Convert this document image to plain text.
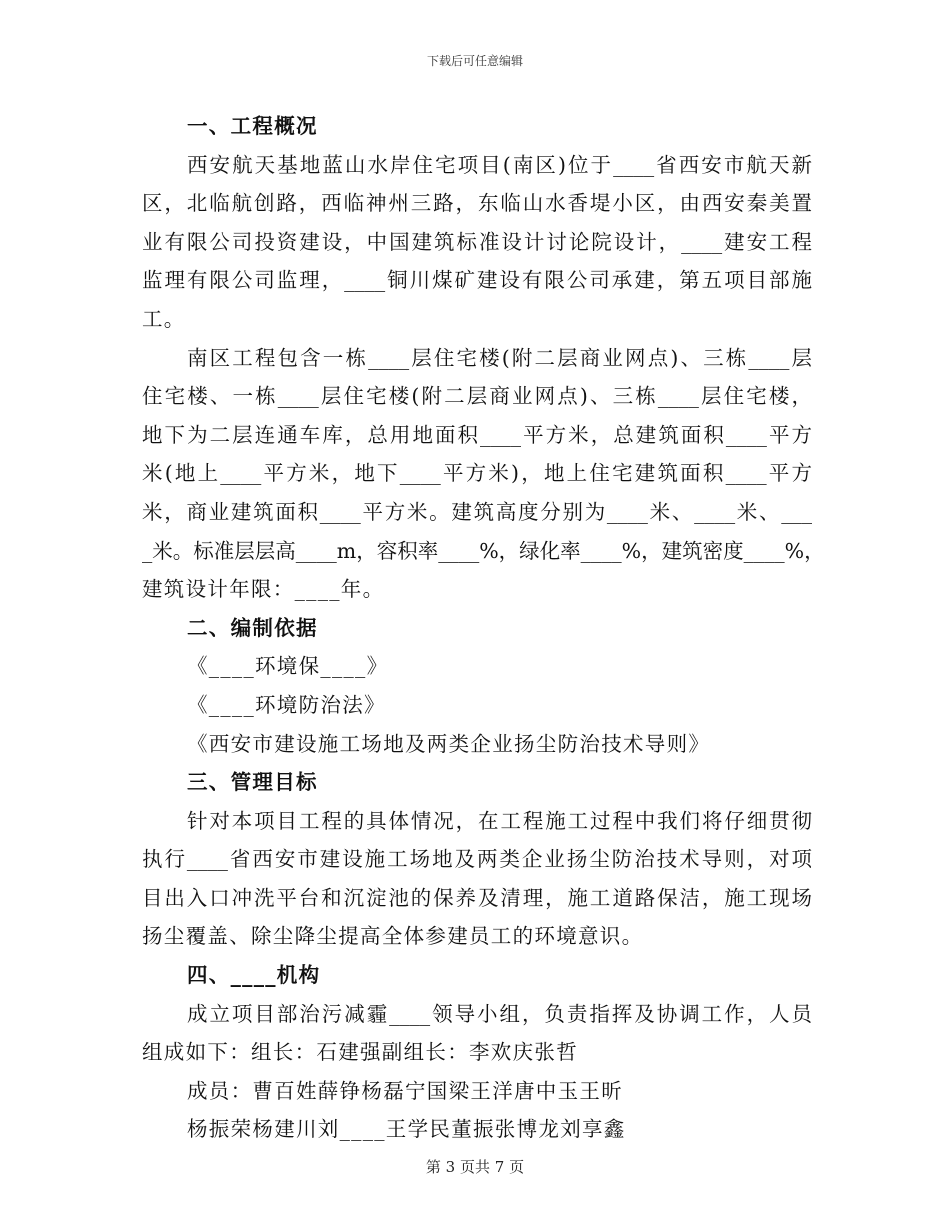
下载后可任意编辑
一、工程概况
西安航天基地蓝山水岸住宅项目(南区)位于____省西安市航天新
区，北临航创路，西临神州三路，东临山水香堤小区，由西安秦美置
业有限公司投资建设，中国建筑标准设计讨论院设计，____建安工程
监理有限公司监理，____铜川煤矿建设有限公司承建，第五项目部施
工。
南区工程包含一栋____层住宅楼(附二层商业网点)、三栋____层
住宅楼、一栋____层住宅楼(附二层商业网点)、三栋____层住宅楼，
地下为二层连通车库，总用地面积____平方米，总建筑面积____平方
米(地上____平方米，地下____平方米)，地上住宅建筑面积____平方
米，商业建筑面积____平方米。建筑高度分别为____米、____米、___
_米。标准层层高____m，容积率____%，绿化率____%，建筑密度____%，
建筑设计年限：____年。
二、编制依据
《____环境保____》
《____环境防治法》
《西安市建设施工场地及两类企业扬尘防治技术导则》
三、管理目标
针对本项目工程的具体情况，在工程施工过程中我们将仔细贯彻
执行____省西安市建设施工场地及两类企业扬尘防治技术导则，对项
目出入口冲洗平台和沉淀池的保养及清理，施工道路保洁，施工现场
扬尘覆盖、除尘降尘提高全体参建员工的环境意识。
四、____机构
成立项目部治污减霾____领导小组，负责指挥及协调工作，人员
组成如下：组长：石建强副组长：李欢庆张哲
成员：曹百姓薛铮杨磊宁国梁王洋唐中玉王昕
杨振荣杨建川刘____王学民董振张博龙刘享鑫
第 3 页共 7 页
